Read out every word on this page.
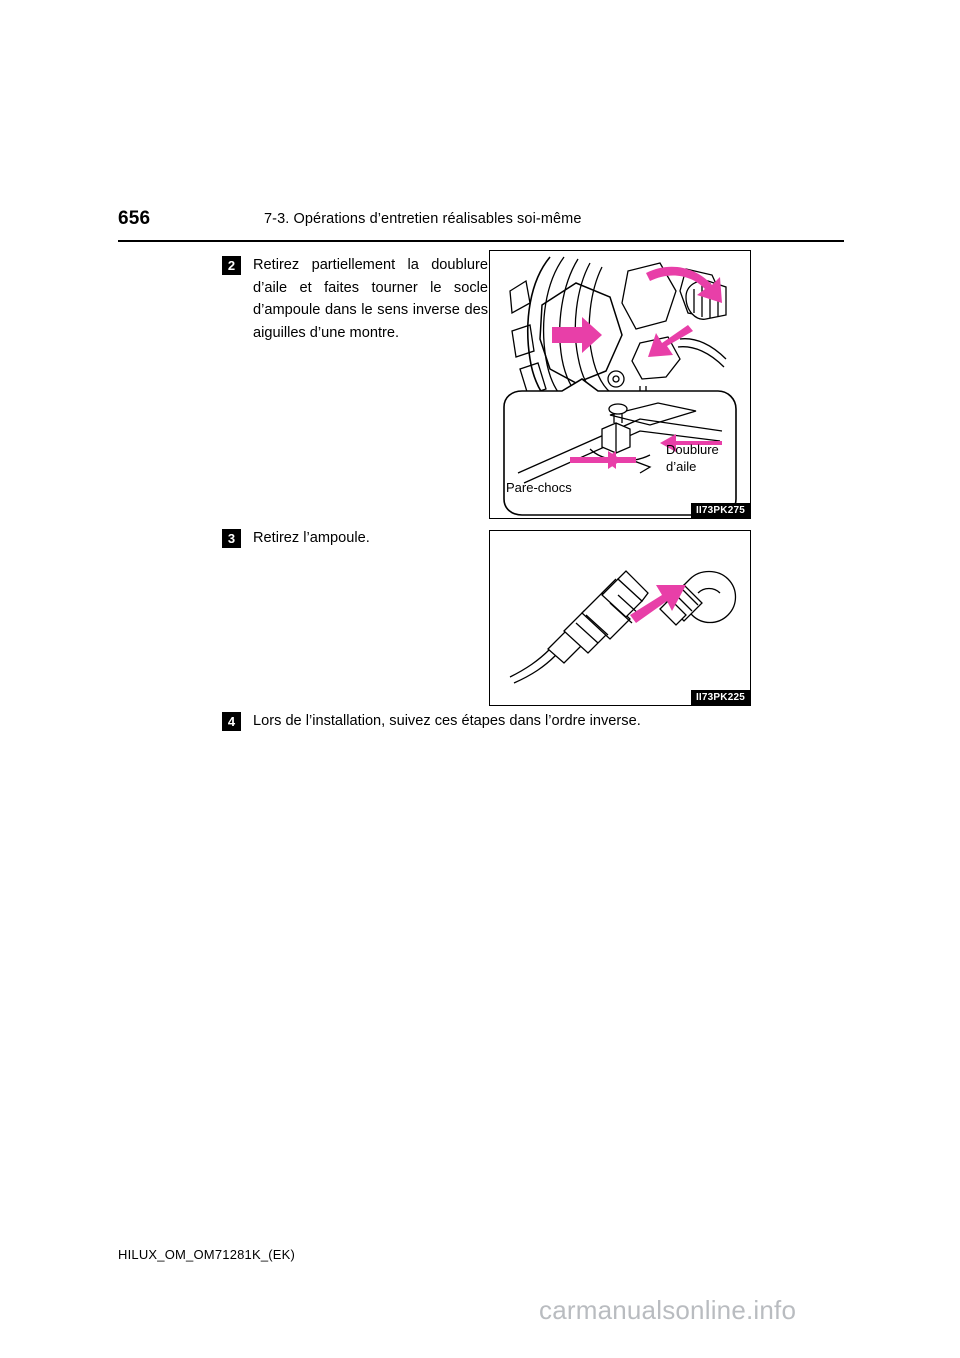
656	7-3. Opérations d’entretien réalisables soi-même
2	Retirez partiellement la doublure d’aile et faites tourner le socle d’ampoule dans le sens inverse des aiguilles d’une montre.
Pare-chocs
Doublure
d’aile
II73PK275
3	Retirez l’ampoule.
II73PK225
4	Lors de l’installation, suivez ces étapes dans l’ordre inverse.
HILUX_OM_OM71281K_(EK)
carmanualsonline.info
